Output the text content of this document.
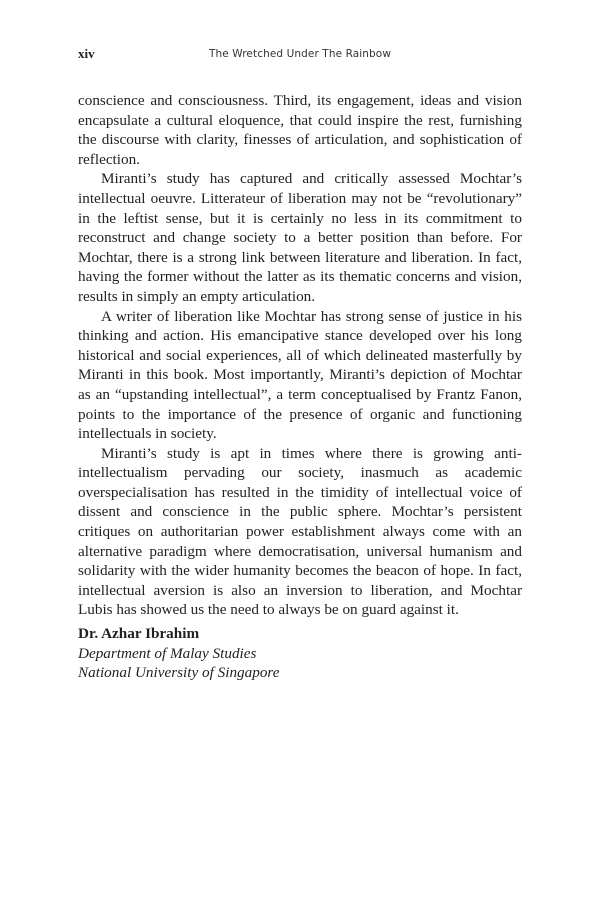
xiv	The Wretched Under The Rainbow

conscience and consciousness. Third, its engagement, ideas and vision encapsulate a cultural eloquence, that could inspire the rest, furnishing the discourse with clarity, finesses of articulation, and sophistication of reflection.

Miranti’s study has captured and critically assessed Mochtar’s intellectual oeuvre. Litterateur of liberation may not be “revolutionary” in the leftist sense, but it is certainly no less in its commitment to reconstruct and change society to a better position than before. For Mochtar, there is a strong link between literature and liberation. In fact, having the former without the latter as its thematic concerns and vision, results in simply an empty articulation.

A writer of liberation like Mochtar has strong sense of justice in his thinking and action. His emancipative stance developed over his long historical and social experiences, all of which delineated masterfully by Miranti in this book. Most importantly, Miranti’s depiction of Mochtar as an “upstanding intellectual”, a term conceptualised by Frantz Fanon, points to the importance of the presence of organic and functioning intellectuals in society.

Miranti’s study is apt in times where there is growing anti-intellectualism pervading our society, inasmuch as academic overspecialisation has resulted in the timidity of intellectual voice of dissent and conscience in the public sphere. Mochtar’s persistent critiques on authoritarian power establishment always come with an alternative paradigm where democratisation, universal humanism and solidarity with the wider humanity becomes the beacon of hope. In fact, intellectual aversion is also an inversion to liberation, and Mochtar Lubis has showed us the need to always be on guard against it.

Dr. Azhar Ibrahim
Department of Malay Studies
National University of Singapore
